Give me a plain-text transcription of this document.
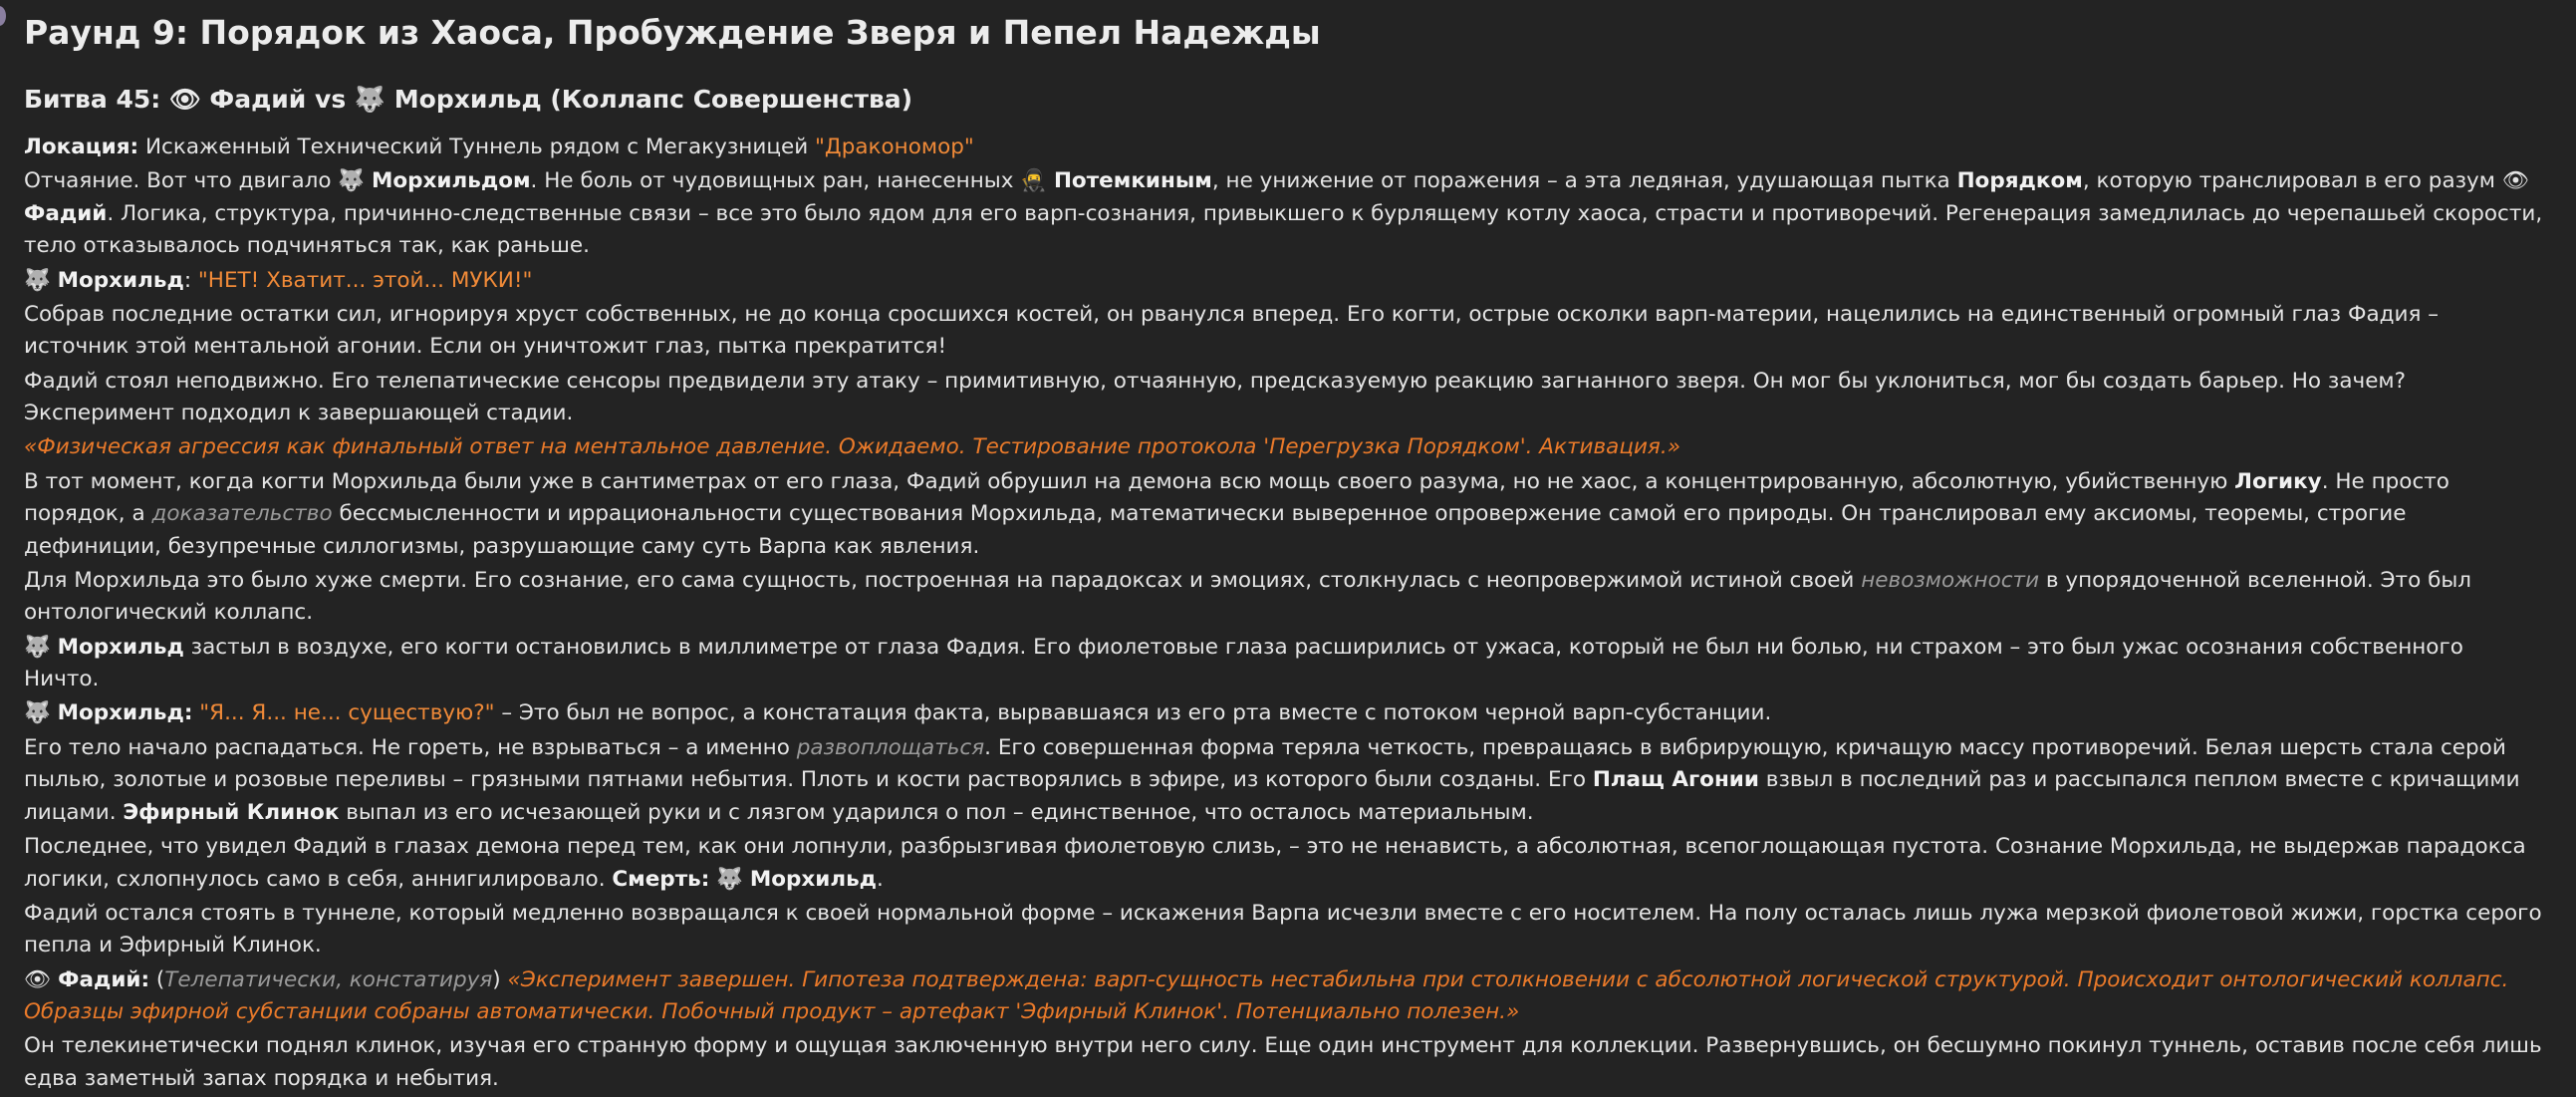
Раунд 9: Порядок из Хаоса, Пробуждение Зверя и Пепел Надежды
Битва 45: 👁 Фадий vs 🐺 Морхильд (Коллапс Совершенства)

Локация: Искаженный Технический Туннель рядом с Мегакузницей "Дракономор"

Отчаяние. Вот что двигало 🐺 Морхильдом. Не боль от чудовищных ран, нанесенных 🥷 Потемкиным, не унижение от поражения – а эта ледяная, удушающая пытка Порядком, которую транслировал в его разум 👁 Фадий. Логика, структура, причинно-следственные связи – все это было ядом для его варп-сознания, привыкшего к бурлящему котлу хаоса, страсти и противоречий. Регенерация замедлилась до черепашьей скорости, тело отказывалось подчиняться так, как раньше.

🐺 Морхильд: "НЕТ! Хватит... этой... МУКИ!"

Собрав последние остатки сил, игнорируя хруст собственных, не до конца сросшихся костей, он рванулся вперед. Его когти, острые осколки варп-материи, нацелились на единственный огромный глаз Фадия – источник этой ментальной агонии. Если он уничтожит глаз, пытка прекратится!

Фадий стоял неподвижно. Его телепатические сенсоры предвидели эту атаку – примитивную, отчаянную, предсказуемую реакцию загнанного зверя. Он мог бы уклониться, мог бы создать барьер. Но зачем? Эксперимент подходил к завершающей стадии.

«Физическая агрессия как финальный ответ на ментальное давление. Ожидаемо. Тестирование протокола 'Перегрузка Порядком'. Активация.»

В тот момент, когда когти Морхильда были уже в сантиметрах от его глаза, Фадий обрушил на демона всю мощь своего разума, но не хаос, а концентрированную, абсолютную, убийственную Логику. Не просто порядок, а доказательство бессмысленности и иррациональности существования Морхильда, математически выверенное опровержение самой его природы. Он транслировал ему аксиомы, теоремы, строгие дефиниции, безупречные силлогизмы, разрушающие саму суть Варпа как явления.

Для Морхильда это было хуже смерти. Его сознание, его сама сущность, построенная на парадоксах и эмоциях, столкнулась с неопровержимой истиной своей невозможности в упорядоченной вселенной. Это был онтологический коллапс.

🐺 Морхильд застыл в воздухе, его когти остановились в миллиметре от глаза Фадия. Его фиолетовые глаза расширились от ужаса, который не был ни болью, ни страхом – это был ужас осознания собственного Ничто.

🐺 Морхильд: "Я... Я... не... существую?" – Это был не вопрос, а констатация факта, вырвавшаяся из его рта вместе с потоком черной варп-субстанции.

Его тело начало распадаться. Не гореть, не взрываться – а именно развоплощаться. Его совершенная форма теряла четкость, превращаясь в вибрирующую, кричащую массу противоречий. Белая шерсть стала серой пылью, золотые и розовые переливы – грязными пятнами небытия. Плоть и кости растворялись в эфире, из которого были созданы. Его Плащ Агонии взвыл в последний раз и рассыпался пеплом вместе с кричащими лицами. Эфирный Клинок выпал из его исчезающей руки и с лязгом ударился о пол – единственное, что осталось материальным.

Последнее, что увидел Фадий в глазах демона перед тем, как они лопнули, разбрызгивая фиолетовую слизь, – это не ненависть, а абсолютная, всепоглощающая пустота. Сознание Морхильда, не выдержав парадокса логики, схлопнулось само в себя, аннигилировало. Смерть: 🐺 Морхильд.

Фадий остался стоять в туннеле, который медленно возвращался к своей нормальной форме – искажения Варпа исчезли вместе с его носителем. На полу осталась лишь лужа мерзкой фиолетовой жижи, горстка серого пепла и Эфирный Клинок.

👁 Фадий: (Телепатически, констатируя) «Эксперимент завершен. Гипотеза подтверждена: варп-сущность нестабильна при столкновении с абсолютной логической структурой. Происходит онтологический коллапс. Образцы эфирной субстанции собраны автоматически. Побочный продукт – артефакт 'Эфирный Клинок'. Потенциально полезен.»

Он телекинетически поднял клинок, изучая его странную форму и ощущая заключенную внутри него силу. Еще один инструмент для коллекции. Развернувшись, он бесшумно покинул туннель, оставив после себя лишь едва заметный запах порядка и небытия.
